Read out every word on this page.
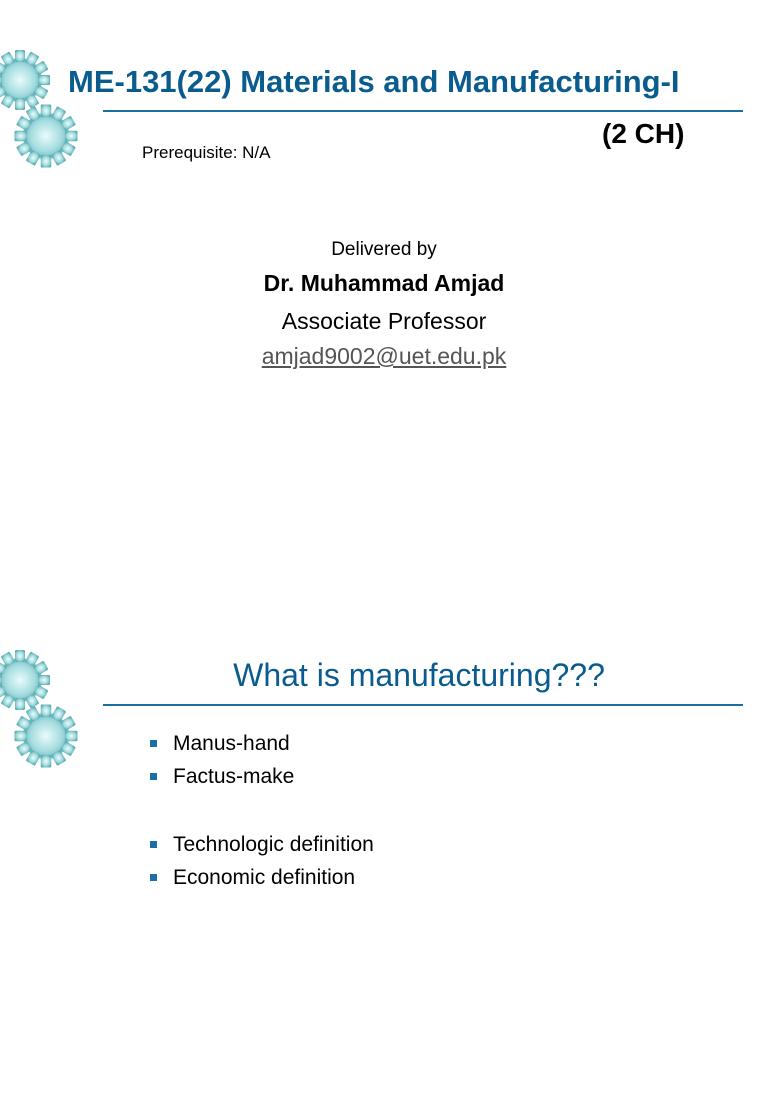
ME-131(22) Materials and Manufacturing-I
(2 CH)
Prerequisite: N/A
Delivered by
Dr. Muhammad Amjad
Associate Professor
amjad9002@uet.edu.pk
What is manufacturing???
Manus-hand
Factus-make
Technologic definition
Economic definition
